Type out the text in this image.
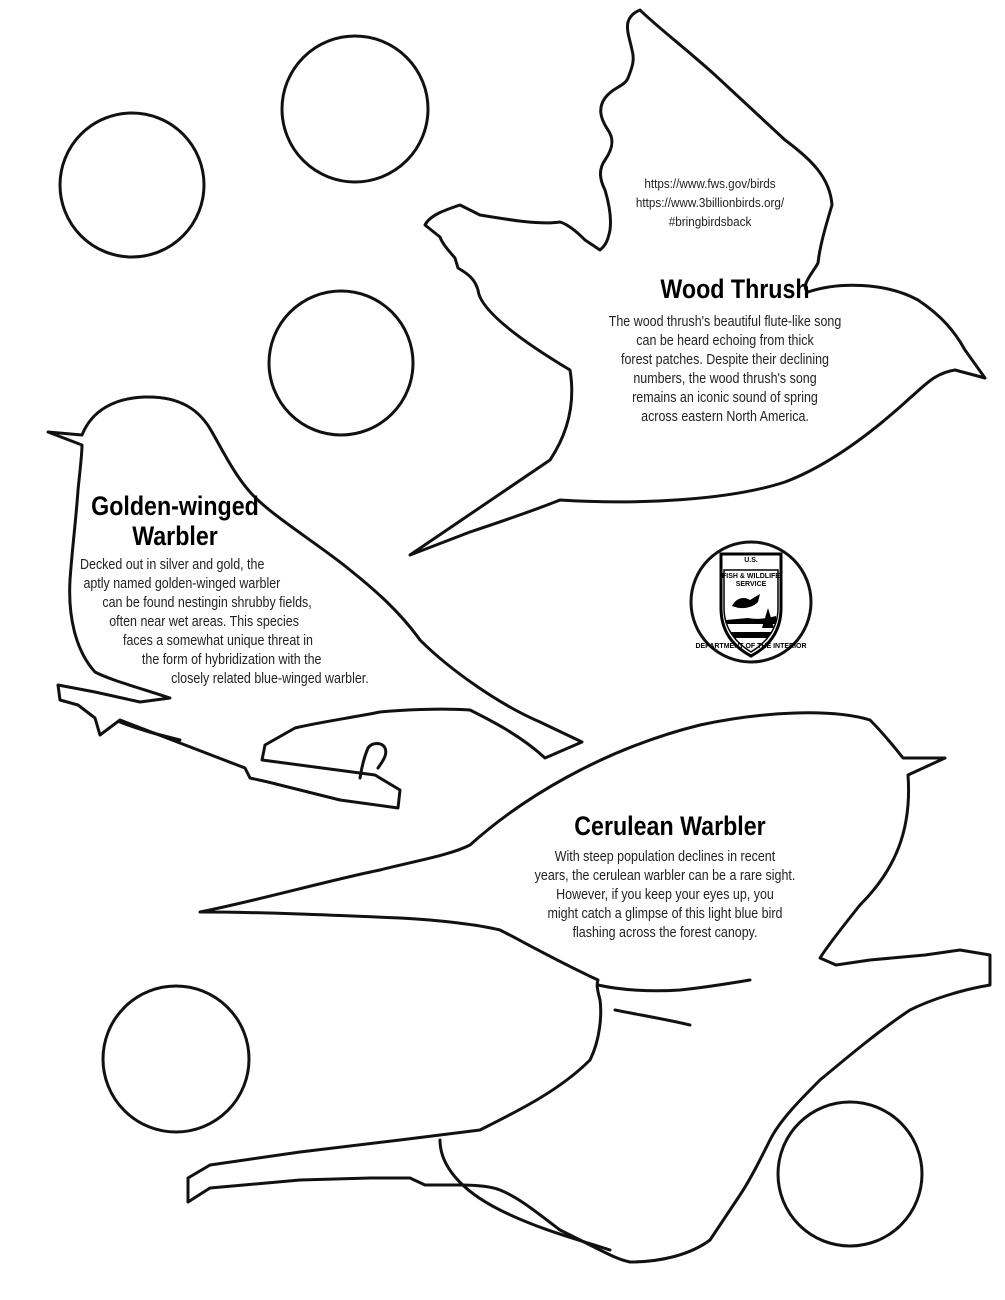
https://www.fws.gov/birds
https://www.3billionbirds.org/
#bringbirdsback
Wood Thrush
The wood thrush's beautiful flute-like song
can be heard echoing from thick
forest patches. Despite their declining
numbers, the wood thrush's song
remains an iconic sound of spring
across eastern North America.
Golden-winged
Warbler
Decked out in silver and gold, the
aptly named golden-winged warbler
can be found nestingin shrubby fields,
often near wet areas. This species
faces a somewhat unique threat in
the form of hybridization with the
closely related blue-winged warbler.
Cerulean Warbler
With steep population declines in recent
years, the cerulean warbler can be a rare sight.
However, if you keep your eyes up, you
might catch a glimpse of this light blue bird
flashing across the forest canopy.
U.S.
FISH & WILDLIFE
SERVICE
DEPARTMENT OF THE INTERIOR
